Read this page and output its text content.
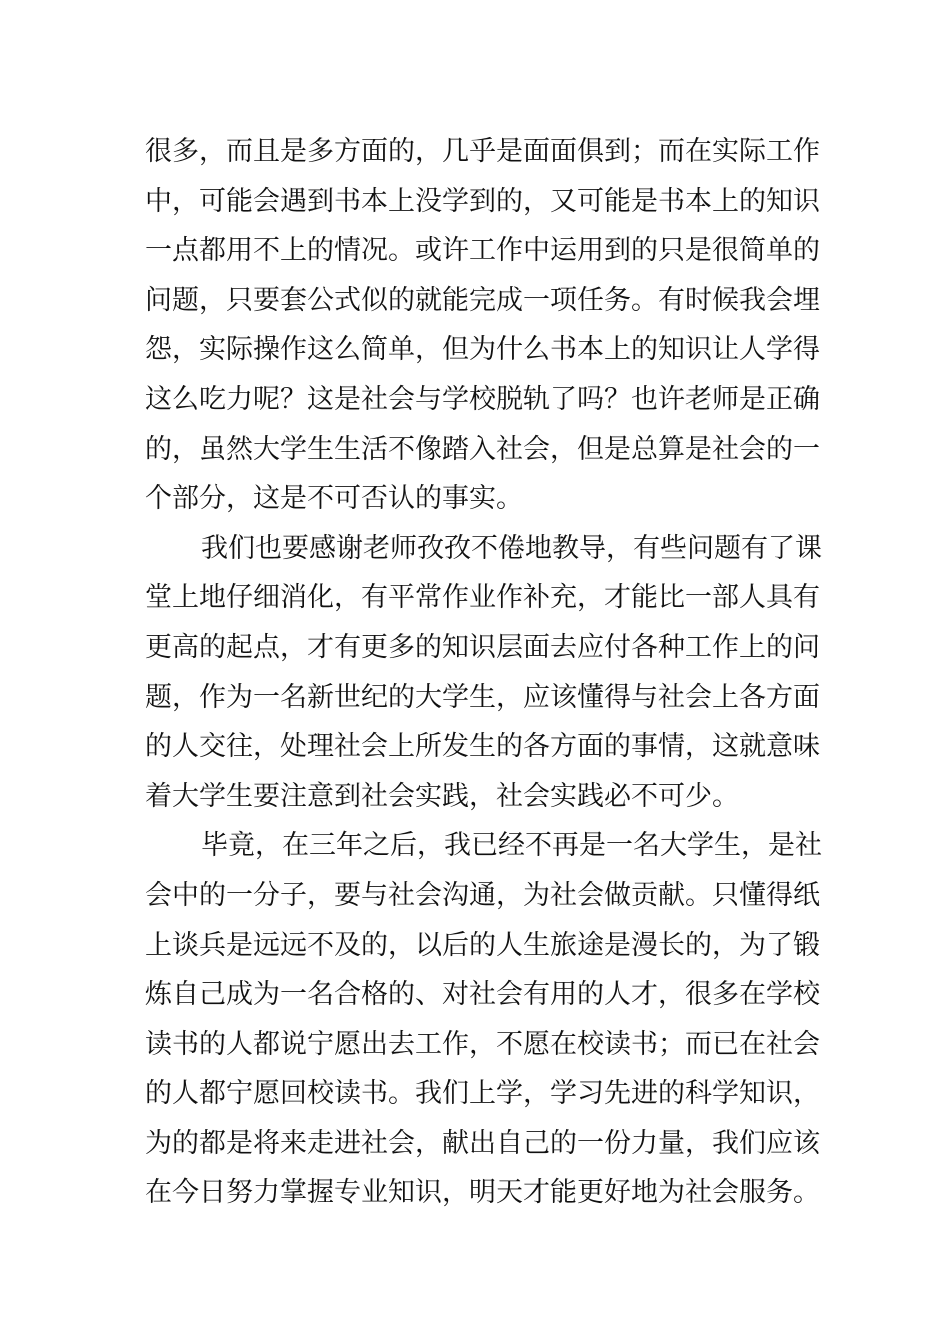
很多，而且是多方面的，几乎是面面俱到；而在实际工作
中，可能会遇到书本上没学到的，又可能是书本上的知识
一点都用不上的情况。或许工作中运用到的只是很简单的
问题，只要套公式似的就能完成一项任务。有时候我会埋
怨，实际操作这么简单，但为什么书本上的知识让人学得
这么吃力呢？这是社会与学校脱轨了吗？也许老师是正确
的，虽然大学生生活不像踏入社会，但是总算是社会的一
个部分，这是不可否认的事实。
我们也要感谢老师孜孜不倦地教导，有些问题有了课
堂上地仔细消化，有平常作业作补充，才能比一部人具有
更高的起点，才有更多的知识层面去应付各种工作上的问
题，作为一名新世纪的大学生，应该懂得与社会上各方面
的人交往，处理社会上所发生的各方面的事情，这就意味
着大学生要注意到社会实践，社会实践必不可少。
毕竟，在三年之后，我已经不再是一名大学生，是社
会中的一分子，要与社会沟通，为社会做贡献。只懂得纸
上谈兵是远远不及的，以后的人生旅途是漫长的，为了锻
炼自己成为一名合格的、对社会有用的人才，很多在学校
读书的人都说宁愿出去工作，不愿在校读书；而已在社会
的人都宁愿回校读书。我们上学，学习先进的科学知识，
为的都是将来走进社会，献出自己的一份力量，我们应该
在今日努力掌握专业知识，明天才能更好地为社会服务。
